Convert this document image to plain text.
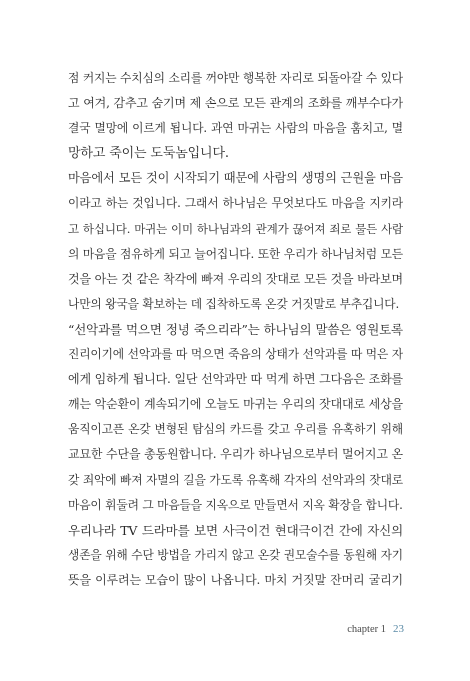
점 커지는 수치심의 소리를 꺼야만 행복한 자리로 되돌아갈 수 있다
고 여겨, 감추고 숨기며 제 손으로 모든 관계의 조화를 깨부수다가
결국 멸망에 이르게 됩니다. 과연 마귀는 사람의 마음을 훔치고, 멸
망하고 죽이는 도둑놈입니다.
마음에서 모든 것이 시작되기 때문에 사람의 생명의 근원을 마음
이라고 하는 것입니다. 그래서 하나님은 무엇보다도 마음을 지키라
고 하십니다. 마귀는 이미 하나님과의 관계가 끊어져 죄로 물든 사람
의 마음을 점유하게 되고 늘어집니다. 또한 우리가 하나님처럼 모든
것을 아는 것 같은 착각에 빠져 우리의 잣대로 모든 것을 바라보며
나만의 왕국을 확보하는 데 집착하도록 온갖 거짓말로 부추깁니다.
“선악과를 먹으면 정녕 죽으리라”는 하나님의 말씀은 영원토록
진리이기에 선악과를 따 먹으면 죽음의 상태가 선악과를 따 먹은 자
에게 임하게 됩니다. 일단 선악과만 따 먹게 하면 그다음은 조화를
깨는 악순환이 계속되기에 오늘도 마귀는 우리의 잣대대로 세상을
움직이고픈 온갖 변형된 탐심의 카드를 갖고 우리를 유혹하기 위해
교묘한 수단을 총동원합니다. 우리가 하나님으로부터 멀어지고 온
갖 죄악에 빠져 자멸의 길을 가도록 유혹해 각자의 선악과의 잣대로
마음이 휘둘려 그 마음들을 지옥으로 만들면서 지옥 확장을 합니다.
우리나라 TV 드라마를 보면 사극이건 현대극이건 간에 자신의
생존을 위해 수단 방법을 가리지 않고 온갖 권모술수를 동원해 자기
뜻을 이루려는 모습이 많이 나옵니다. 마치 거짓말 잔머리 굴리기
chapter 1 23
